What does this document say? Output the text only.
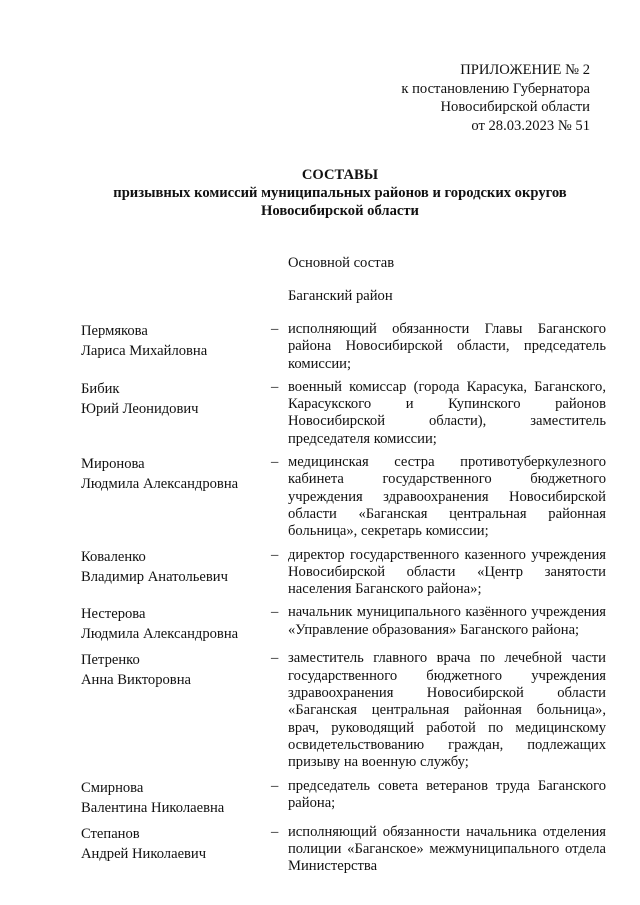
ПРИЛОЖЕНИЕ № 2
к постановлению Губернатора
Новосибирской области
от 28.03.2023 № 51
СОСТАВЫ
призывных комиссий муниципальных районов и городских округов
Новосибирской области
Основной состав
Баганский район
Пермякова
Лариса Михайловна
– исполняющий обязанности Главы Баганского района Новосибирской области, председатель комиссии;
Бибик
Юрий Леонидович
– военный комиссар (города Карасука, Баганского, Карасукского и Купинского районов Новосибирской области), заместитель председателя комиссии;
Миронова
Людмила Александровна
– медицинская сестра противотуберкулезного кабинета государственного бюджетного учреждения здравоохранения Новосибирской области «Баганская центральная районная больница», секретарь комиссии;
Коваленко
Владимир Анатольевич
– директор государственного казенного учреждения Новосибирской области «Центр занятости населения Баганского района»;
Нестерова
Людмила Александровна
– начальник муниципального казённого учреждения «Управление образования» Баганского района;
Петренко
Анна Викторовна
– заместитель главного врача по лечебной части государственного бюджетного учреждения здравоохранения Новосибирской области «Баганская центральная районная больница», врач, руководящий работой по медицинскому освидетельствованию граждан, подлежащих призыву на военную службу;
Смирнова
Валентина Николаевна
– председатель совета ветеранов труда Баганского района;
Степанов
Андрей Николаевич
– исполняющий обязанности начальника отделения полиции «Баганское» межмуниципального отдела Министерства
